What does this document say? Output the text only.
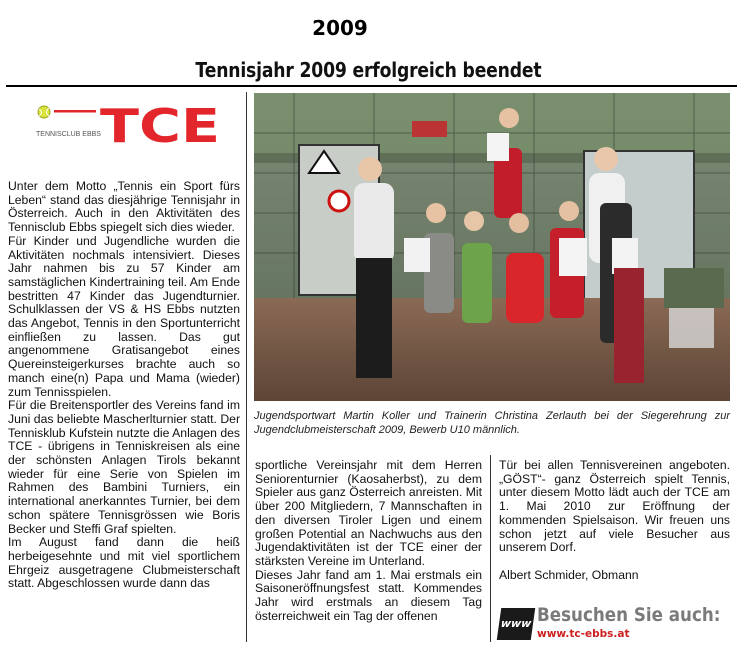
2009
Tennisjahr 2009 erfolgreich beendet
TENNISCLUB EBBS TCE

Unter dem Motto „Tennis ein Sport fürs Leben“ stand das diesjährige Tennisjahr in Österreich. Auch in den Aktivitäten des Tennisclub Ebbs spiegelt sich dies wieder.

Für Kinder und Jugendliche wurden die Aktivitäten nochmals intensiviert. Dieses Jahr nahmen bis zu 57 Kinder am samstäglichen Kindertraining teil. Am Ende bestritten 47 Kinder das Jugendturnier. Schulklassen der VS & HS Ebbs nutzten das Angebot, Tennis in den Sportunterricht einfließen zu lassen. Das gut angenommene Gratisangebot eines Quereinsteigerkurses brachte auch so manch eine(n) Papa und Mama (wieder) zum Tennisspielen.

Für die Breitensportler des Vereins fand im Juni das beliebte Mascherlturnier statt. Der Tennisklub Kufstein nutzte die Anlagen des TCE - übrigens in Tenniskreisen als eine der schönsten Anlagen Tirols bekannt wieder für eine Serie von Spielen im Rahmen des Bambini Turniers, ein international anerkanntes Turnier, bei dem schon spätere Tennisgrössen wie Boris Becker und Steffi Graf spielten.

Im August fand dann die heiß herbeigesehnte und mit viel sportlichem Ehrgeiz ausgetragene Clubmeisterschaft statt. Abgeschlossen wurde dann das

Jugendsportwart Martin Koller und Trainerin Christina Zerlauth bei der Siegerehrung zur Jugendclubmeisterschaft 2009, Bewerb U10 männlich.

sportliche Vereinsjahr mit dem Herren Seniorenturnier (Kaosaherbst), zu dem Spieler aus ganz Österreich anreisten. Mit über 200 Mitgliedern, 7 Mannschaften in den diversen Tiroler Ligen und einem großen Potential an Nachwuchs aus den Jugendaktivitäten ist der TCE einer der stärksten Vereine im Unterland.

Dieses Jahr fand am 1. Mai erstmals ein Saisoneröffnungsfest statt. Kommendes Jahr wird erstmals an diesem Tag österreichweit ein Tag der offenen

Tür bei allen Tennisvereinen angeboten. „GÖST“- ganz Österreich spielt Tennis, unter diesem Motto lädt auch der TCE am 1. Mai 2010 zur Eröffnung der kommenden Spielsaison. Wir freuen uns schon jetzt auf viele Besucher aus unserem Dorf.

Albert Schmider, Obmann

www Besuchen Sie auch:
www.tc-ebbs.at
